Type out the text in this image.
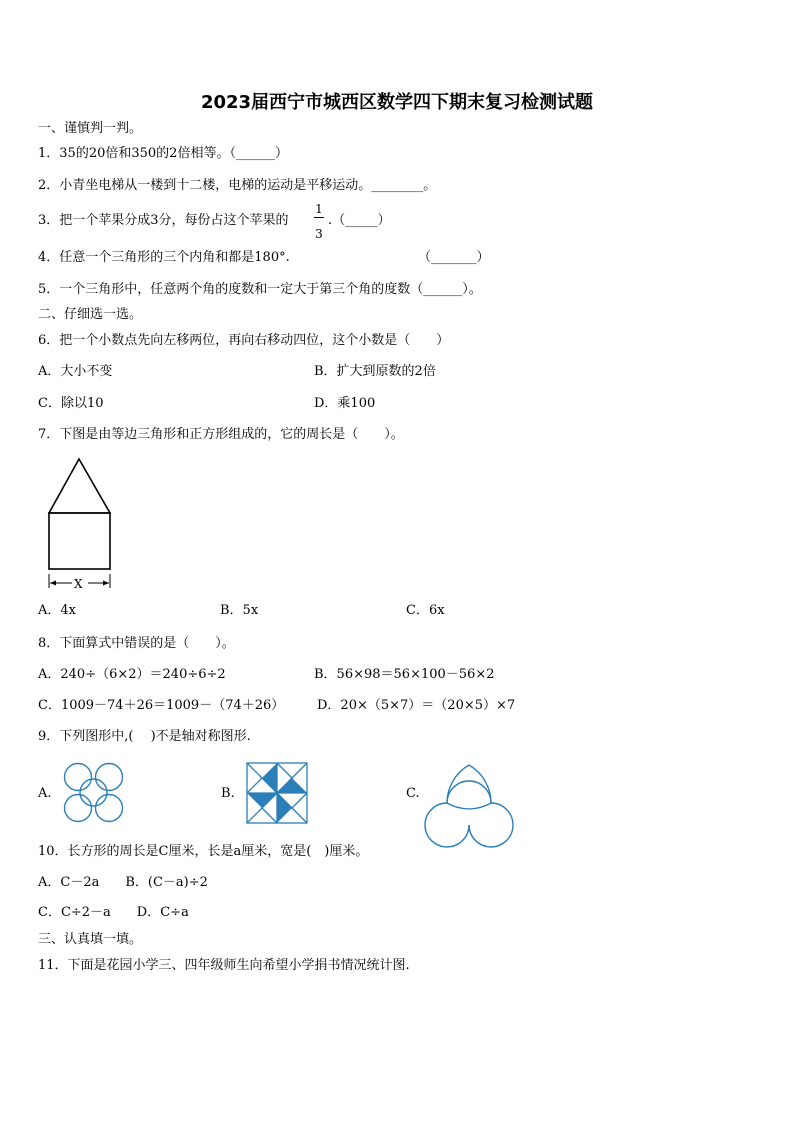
2023届西宁市城西区数学四下期末复习检测试题
一、谨慎判一判。
1．35的20倍和350的2倍相等。（______）
2．小青坐电梯从一楼到十二楼，电梯的运动是平移运动。________。
3．把一个苹果分成3分，每份占这个苹果的
1
3
.（_____）
4．任意一个三角形的三个内角和都是180°.	（_______）
5．一个三角形中，任意两个角的度数和一定大于第三个角的度数（______）。
二、仔细选一选。
6．把一个小数点先向左移两位，再向右移动四位，这个小数是（　　）
A．大小不变	B．扩大到原数的2倍
C．除以10	D．乘100
7．下图是由等边三角形和正方形组成的，它的周长是（　　）。
X
A．4x	B．5x	C．6x
8．下面算式中错误的是（　　）。
A．240÷（6×2）＝240÷6÷2	B．56×98＝56×100－56×2
C．1009－74＋26＝1009－（74＋26）	D．20×（5×7）＝（20×5）×7
9．下列图形中,(　 )不是轴对称图形.
A.	B.	C.
10．长方形的周长是C厘米，长是a厘米，宽是(　)厘米。
A．C－2a　　B．(C－a)÷2
C．C÷2－a　　D．C÷a
三、认真填一填。
11．下面是花园小学三、四年级师生向希望小学捐书情况统计图.
